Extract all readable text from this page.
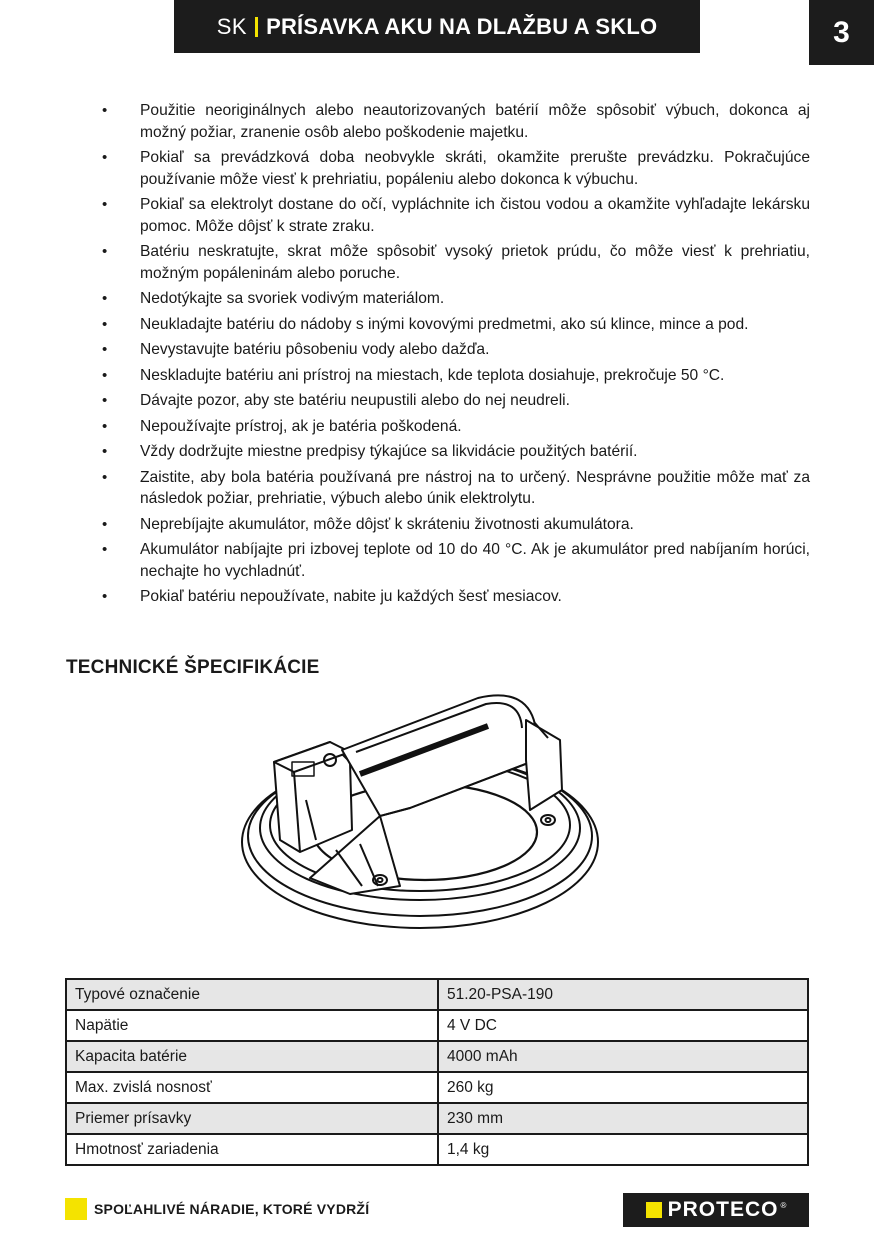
SK PRÍSAVKA AKU NA DLAŽBU A SKLO	3
• Použitie neoriginálnych alebo neautorizovaných batérií môže spôsobiť výbuch, dokonca aj možný požiar, zranenie osôb alebo poškodenie majetku.
• Pokiaľ sa prevádzková doba neobvykle skráti, okamžite prerušte prevádzku. Pokračujúce používanie môže viesť k prehriatiu, popáleniu alebo dokonca k výbuchu.
• Pokiaľ sa elektrolyt dostane do očí, vypláchnite ich čistou vodou a okamžite vyhľadajte lekársku pomoc. Môže dôjsť k strate zraku.
• Batériu neskratujte, skrat môže spôsobiť vysoký prietok prúdu, čo môže viesť k prehriatiu, možným popáleninám alebo poruche.
• Nedotýkajte sa svoriek vodivým materiálom.
• Neukladajte batériu do nádoby s inými kovovými predmetmi, ako sú klince, mince a pod.
• Nevystavujte batériu pôsobeniu vody alebo dažďa.
• Neskladujte batériu ani prístroj na miestach, kde teplota dosiahuje, prekročuje 50 °C.
• Dávajte pozor, aby ste batériu neupustili alebo do nej neudreli.
• Nepoužívajte prístroj, ak je batéria poškodená.
• Vždy dodržujte miestne predpisy týkajúce sa likvidácie použitých batérií.
• Zaistite, aby bola batéria používaná pre nástroj na to určený. Nesprávne použitie môže mať za následok požiar, prehriatie, výbuch alebo únik elektrolytu.
• Neprebíjajte akumulátor, môže dôjsť k skráteniu životnosti akumulátora.
• Akumulátor nabíjajte pri izbovej teplote od 10 do 40 °C. Ak je akumulátor pred nabíjaním horúci, nechajte ho vychladnúť.
• Pokiaľ batériu nepoužívate, nabite ju každých šesť mesiacov.
TECHNICKÉ ŠPECIFIKÁCIE
Typové označenie	51.20-PSA-190
Napätie	4 V DC
Kapacita batérie	4000 mAh
Max. zvislá nosnosť	260 kg
Priemer prísavky	230 mm
Hmotnosť zariadenia	1,4 kg
SPOĽAHLIVÉ NÁRADIE, KTORÉ VYDRŽÍ	PROTECO ®
